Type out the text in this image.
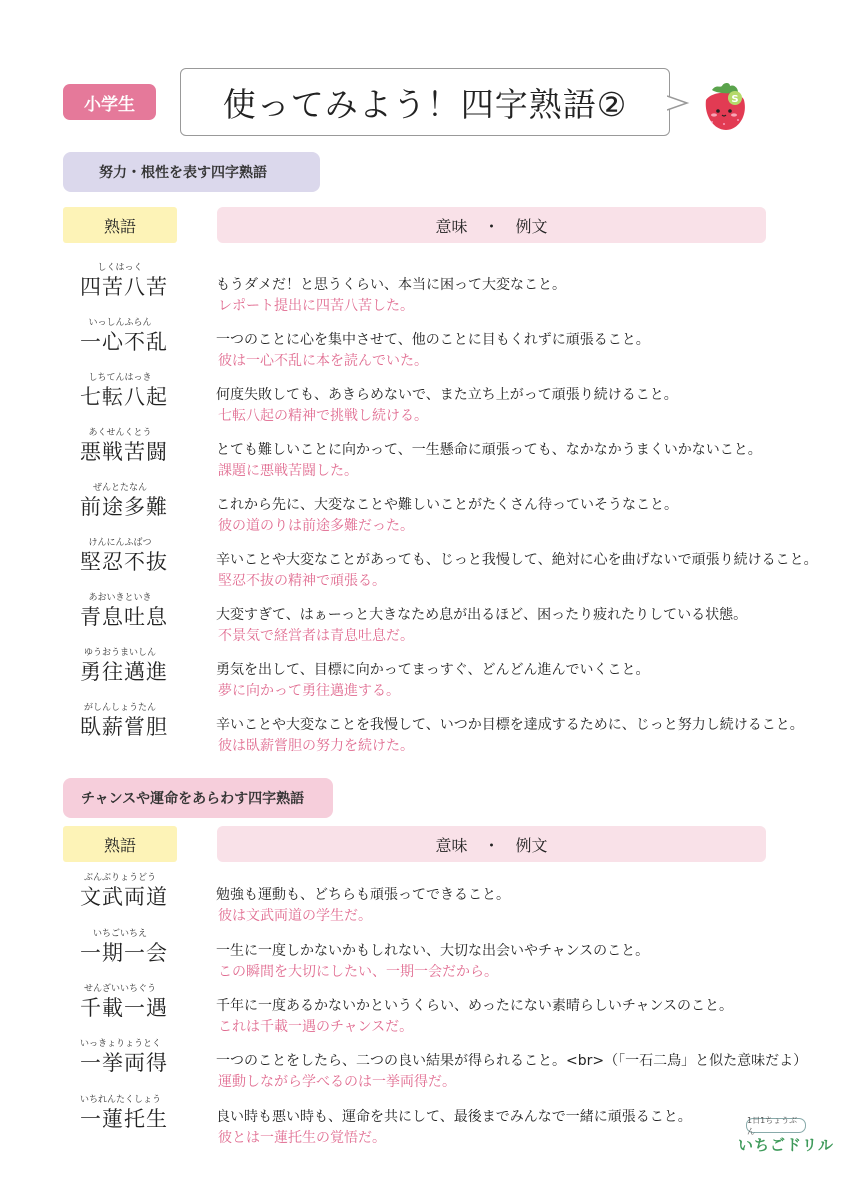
小学生	使ってみよう！四字熟語②	S
努力・根性を表す四字熟語
熟語	意味　・　例文
しくはっく
四苦八苦	もうダメだ！と思うくらい、本当に困って大変なこと。
レポート提出に四苦八苦した。
いっしんふらん
一心不乱	一つのことに心を集中させて、他のことに目もくれずに頑張ること。
彼は一心不乱に本を読んでいた。
しちてんはっき
七転八起	何度失敗しても、あきらめないで、また立ち上がって頑張り続けること。
七転八起の精神で挑戦し続ける。
あくせんくとう
悪戦苦闘	とても難しいことに向かって、一生懸命に頑張っても、なかなかうまくいかないこと。
課題に悪戦苦闘した。
ぜんとたなん
前途多難	これから先に、大変なことや難しいことがたくさん待っていそうなこと。
彼の道のりは前途多難だった。
けんにんふばつ
堅忍不抜	辛いことや大変なことがあっても、じっと我慢して、絶対に心を曲げないで頑張り続けること。
堅忍不抜の精神で頑張る。
あおいきといき
青息吐息	大変すぎて、はぁーっと大きなため息が出るほど、困ったり疲れたりしている状態。
不景気で経営者は青息吐息だ。
ゆうおうまいしん
勇往邁進	勇気を出して、目標に向かってまっすぐ、どんどん進んでいくこと。
夢に向かって勇往邁進する。
がしんしょうたん
臥薪嘗胆	辛いことや大変なことを我慢して、いつか目標を達成するために、じっと努力し続けること。
彼は臥薪嘗胆の努力を続けた。
チャンスや運命をあらわす四字熟語
熟語	意味　・　例文
ぶんぶりょうどう
文武両道	勉強も運動も、どちらも頑張ってできること。
彼は文武両道の学生だ。
いちごいちえ
一期一会	一生に一度しかないかもしれない、大切な出会いやチャンスのこと。
この瞬間を大切にしたい、一期一会だから。
せんざいいちぐう
千載一遇	千年に一度あるかないかというくらい、めったにない素晴らしいチャンスのこと。
これは千載一遇のチャンスだ。
いっきょりょうとく
一挙両得	一つのことをしたら、二つの良い結果が得られること。<br>（「一石二鳥」と似た意味だよ）
運動しながら学べるのは一挙両得だ。
いちれんたくしょう
一蓮托生	良い時も悪い時も、運命を共にして、最後までみんなで一緒に頑張ること。
彼とは一蓮托生の覚悟だ。
1日1ちょうぶん
いちごドリル
